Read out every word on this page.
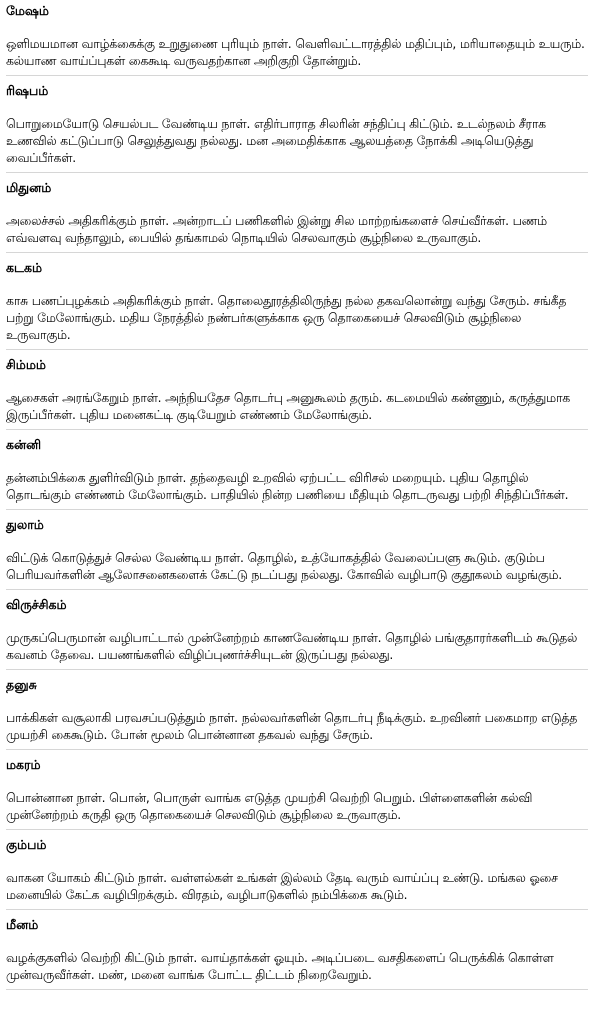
மேஷம்

ஒளிமயமான வாழ்க்கைக்கு உறுதுணை புரியும் நாள். வெளிவட்டாரத்தில் மதிப்பும், மரியாதையும் உயரும். கல்யாண வாய்ப்புகள் கைகூடி வருவதற்கான அறிகுறி தோன்றும்.

ரிஷபம்

பொறுமையோடு செயல்பட வேண்டிய நாள். எதிர்பாராத சிலரின் சந்திப்பு கிட்டும். உடல்நலம் சீராக உணவில் கட்டுப்பாடு செலுத்துவது நல்லது. மன அமைதிக்காக ஆலயத்தை நோக்கி அடியெடுத்து வைப்பீர்கள்.

மிதுனம்

அலைச்சல் அதிகரிக்கும் நாள். அன்றாடப் பணிகளில் இன்று சில மாற்றங்களைச் செய்வீர்கள். பணம் எவ்வளவு வந்தாலும், பையில் தங்காமல் நொடியில் செலவாகும் சூழ்நிலை உருவாகும்.

கடகம்

காசு பணப்புழக்கம் அதிகரிக்கும் நாள். தொலைதூரத்திலிருந்து நல்ல தகவலொன்று வந்து சேரும். சங்கீத பற்று மேலோங்கும். மதிய நேரத்தில் நண்பர்களுக்காக ஒரு தொகையைச் செலவிடும் சூழ்நிலை உருவாகும்.

சிம்மம்

ஆசைகள் அரங்கேறும் நாள். அந்நியதேச தொடர்பு அனுகூலம் தரும். கடமையில் கண்ணும், கருத்துமாக இருப்பீர்கள். புதிய மனைகட்டி குடியேறும் எண்ணம் மேலோங்கும்.

கன்னி

தன்னம்பிக்கை துளிர்விடும் நாள். தந்தைவழி உறவில் ஏற்பட்ட விரிசல் மறையும். புதிய தொழில் தொடங்கும் எண்ணம் மேலோங்கும். பாதியில் நின்ற பணியை மீதியும் தொடருவது பற்றி சிந்திப்பீர்கள்.

துலாம்

விட்டுக் கொடுத்துச் செல்ல வேண்டிய நாள். தொழில், உத்யோகத்தில் வேலைப்பளு கூடும். குடும்ப பெரியவர்களின் ஆலோசனைகளைக் கேட்டு நடப்பது நல்லது. கோவில் வழிபாடு குதூகலம் வழங்கும்.

விருச்சிகம்

முருகப்பெருமான் வழிபாட்டால் முன்னேற்றம் காணவேண்டிய நாள். தொழில் பங்குதாரர்களிடம் கூடுதல் கவனம் தேவை. பயணங்களில் விழிப்புணர்ச்சியுடன் இருப்பது நல்லது.

தனுசு

பாக்கிகள் வசூலாகி பரவசப்படுத்தும் நாள். நல்லவர்களின் தொடர்பு நீடிக்கும். உறவினர் பகைமாற எடுத்த முயற்சி கைகூடும். போன் மூலம் பொன்னான தகவல் வந்து சேரும்.

மகரம்

பொன்னான நாள். பொன், பொருள் வாங்க எடுத்த முயற்சி வெற்றி பெறும். பிள்ளைகளின் கல்வி முன்னேற்றம் கருதி ஒரு தொகையைச் செலவிடும் சூழ்நிலை உருவாகும்.

கும்பம்

வாகன யோகம் கிட்டும் நாள். வள்ளல்கள் உங்கள் இல்லம் தேடி வரும் வாய்ப்பு உண்டு. மங்கல ஓசை மனையில் கேட்க வழிபிறக்கும். விரதம், வழிபாடுகளில் நம்பிக்கை கூடும்.

மீனம்

வழக்குகளில் வெற்றி கிட்டும் நாள். வாய்தாக்கள் ஓயும். அடிப்படை வசதிகளைப் பெருக்கிக் கொள்ள முன்வருவீர்கள். மண், மனை வாங்க போட்ட திட்டம் நிறைவேறும்.
